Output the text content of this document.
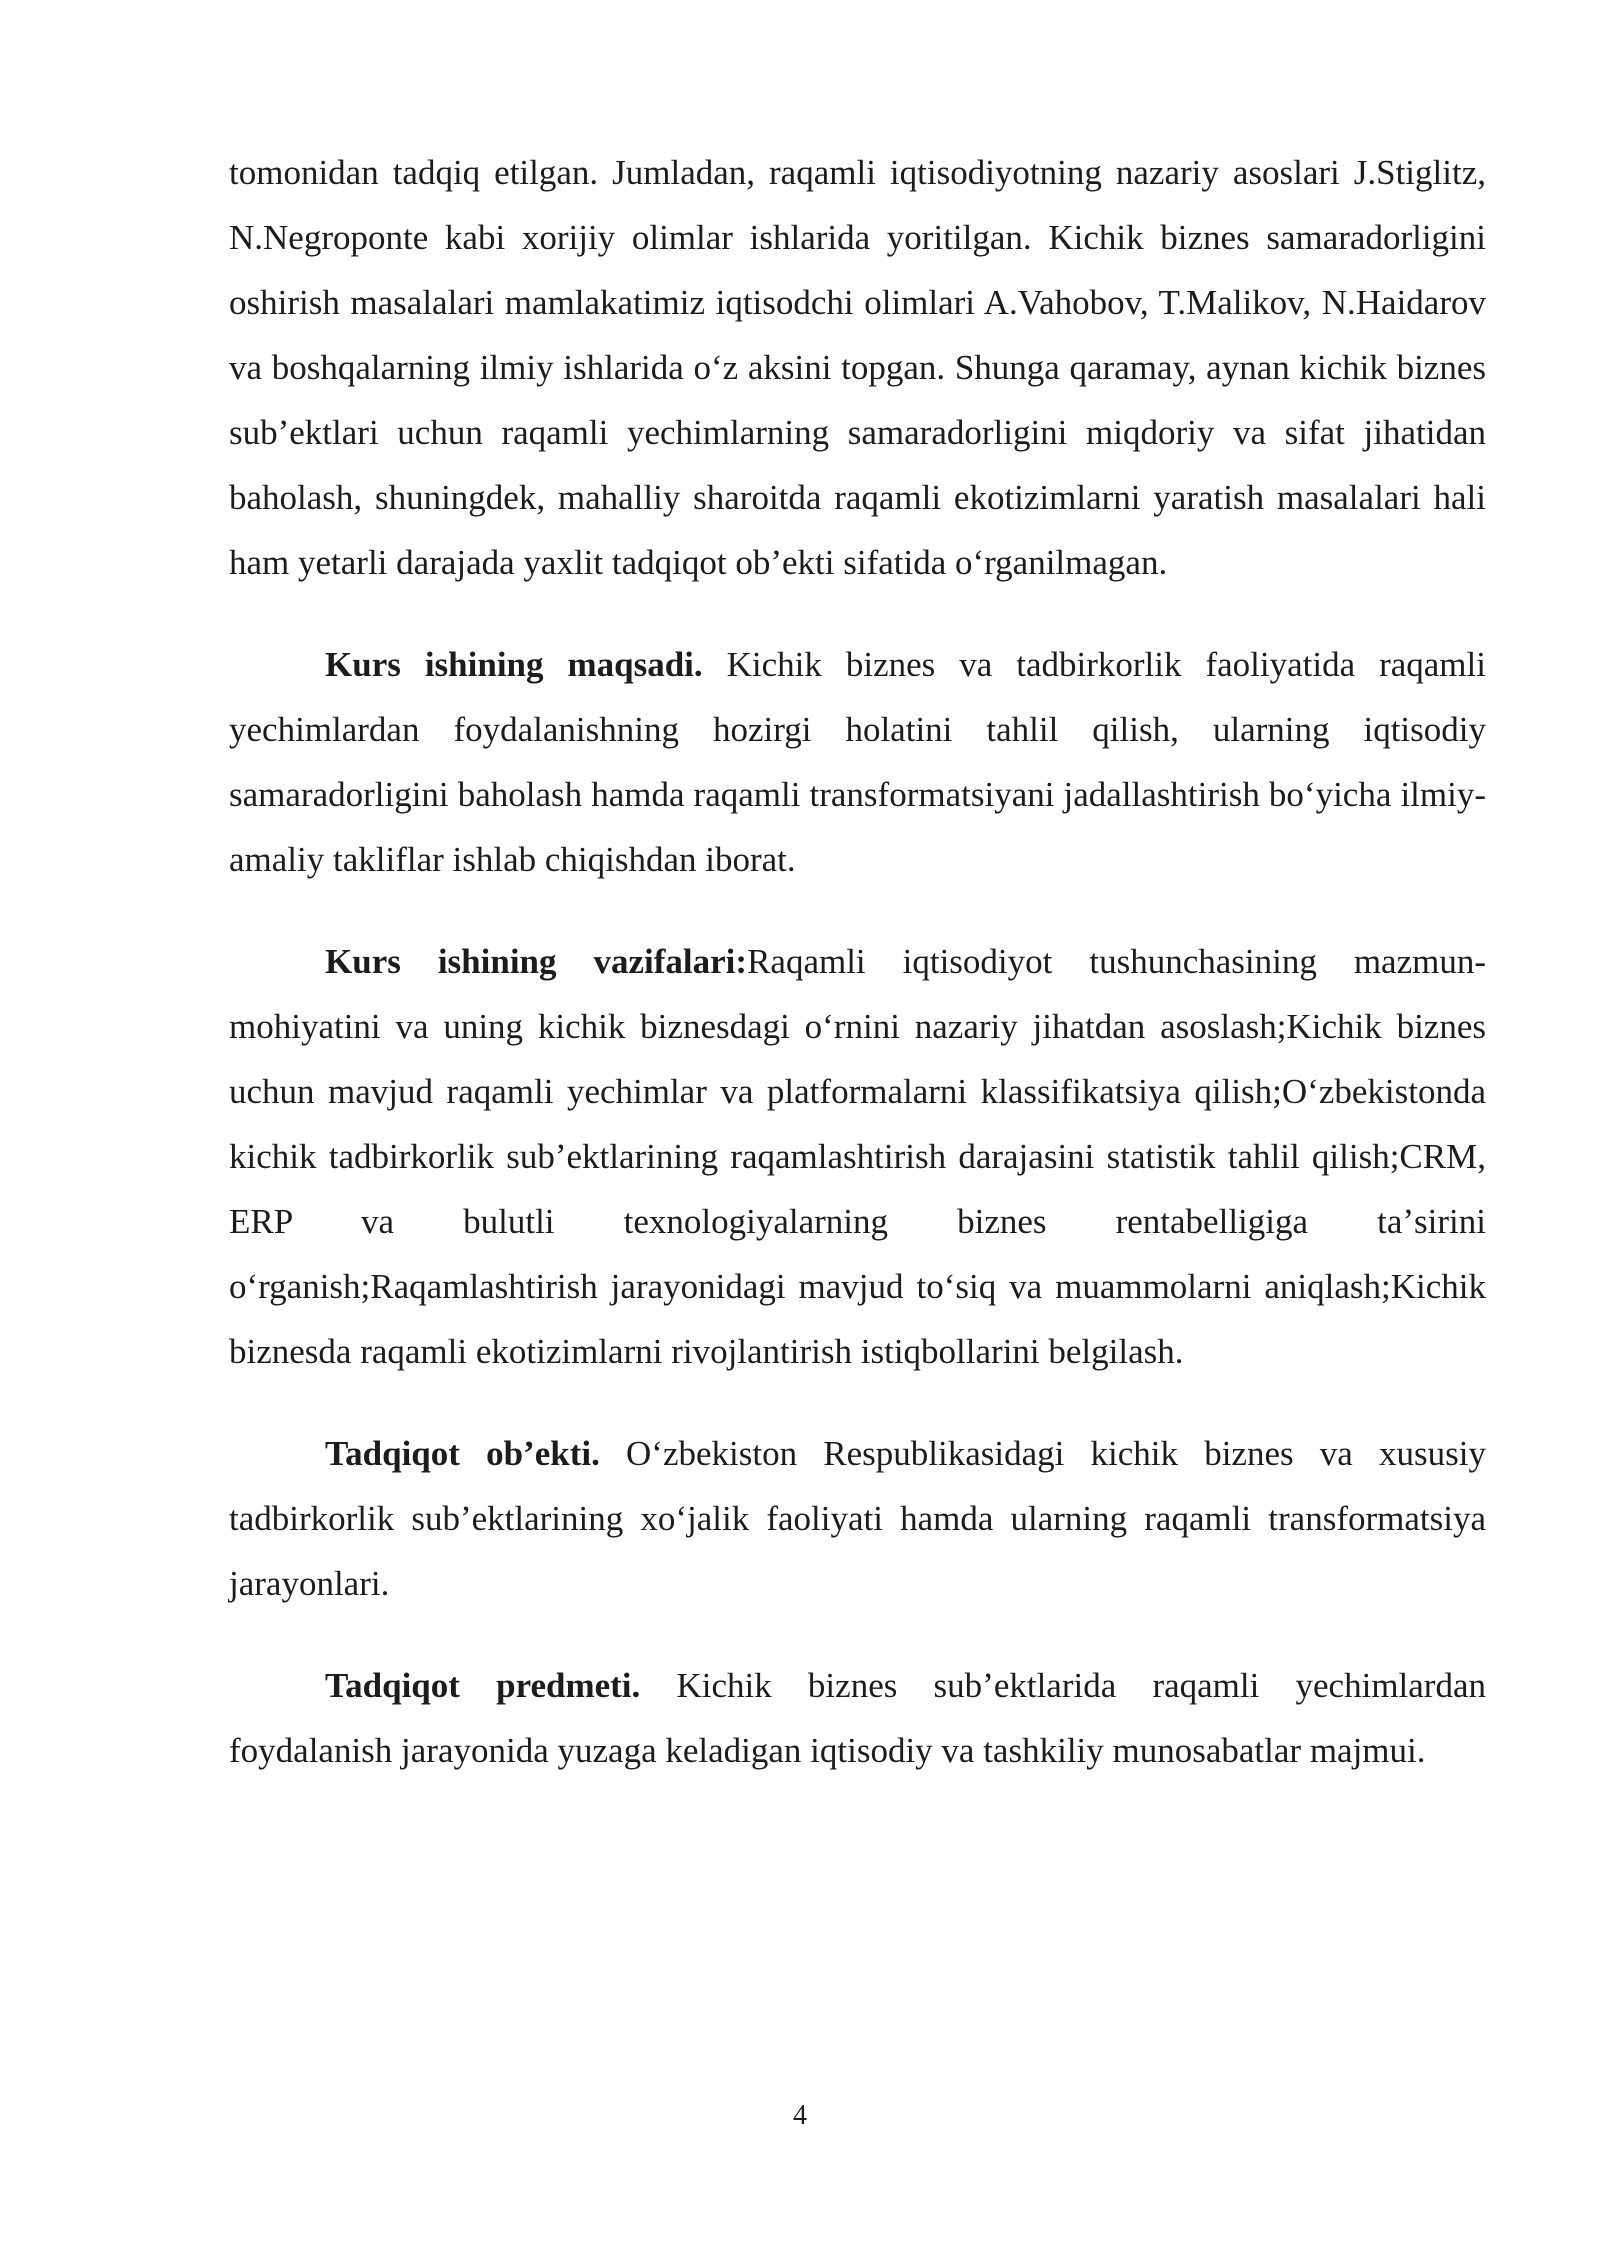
tomonidan tadqiq etilgan. Jumladan, raqamli iqtisodiyotning nazariy asoslari J.Stiglitz, N.Negroponte kabi xorijiy olimlar ishlarida yoritilgan. Kichik biznes samaradorligini oshirish masalalari mamlakatimiz iqtisodchi olimlari A.Vahobov, T.Malikov, N.Haidarov va boshqalarning ilmiy ishlarida oʻz aksini topgan. Shunga qaramay, aynan kichik biznes subʼektlari uchun raqamli yechimlarning samaradorligini miqdoriy va sifat jihatidan baholash, shuningdek, mahalliy sharoitda raqamli ekotizimlarni yaratish masalalari hali ham yetarli darajada yaxlit tadqiqot obʼekti sifatida oʻrganilmagan.

Kurs ishining maqsadi. Kichik biznes va tadbirkorlik faoliyatida raqamli yechimlardan foydalanishning hozirgi holatini tahlil qilish, ularning iqtisodiy samaradorligini baholash hamda raqamli transformatsiyani jadallashtirish boʻyicha ilmiy-amaliy takliflar ishlab chiqishdan iborat.

Kurs ishining vazifalari:Raqamli iqtisodiyot tushunchasining mazmun-mohiyatini va uning kichik biznesdagi oʻrnini nazariy jihatdan asoslash;Kichik biznes uchun mavjud raqamli yechimlar va platformalarni klassifikatsiya qilish;Oʻzbekistonda kichik tadbirkorlik subʼektlarining raqamlashtirish darajasini statistik tahlil qilish;CRM, ERP va bulutli texnologiyalarning biznes rentabelligiga taʼsirini oʻrganish;Raqamlashtirish jarayonidagi mavjud toʻsiq va muammolarni aniqlash;Kichik biznesda raqamli ekotizimlarni rivojlantirish istiqbollarini belgilash.

Tadqiqot obʼekti. Oʻzbekiston Respublikasidagi kichik biznes va xususiy tadbirkorlik subʼektlarining xoʻjalik faoliyati hamda ularning raqamli transformatsiya jarayonlari.

Tadqiqot predmeti. Kichik biznes subʼektlarida raqamli yechimlardan foydalanish jarayonida yuzaga keladigan iqtisodiy va tashkiliy munosabatlar majmui.

4
